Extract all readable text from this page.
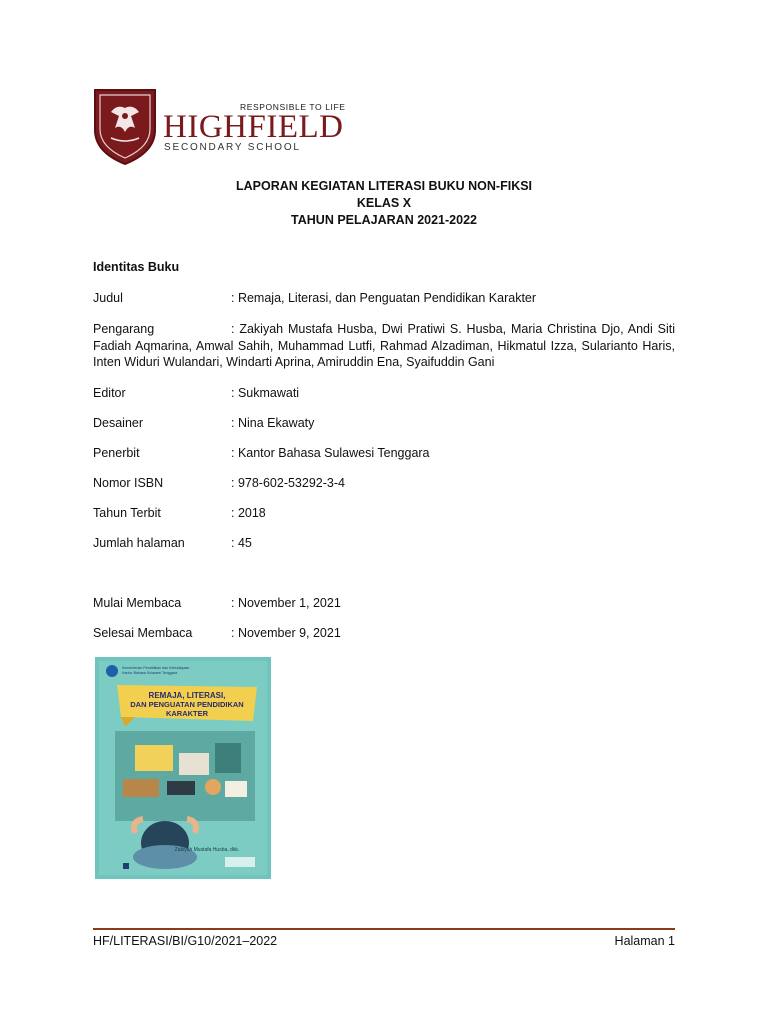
RESPONSIBLE TO LIFE
HIGHFIELD
SECONDARY SCHOOL
LAPORAN KEGIATAN LITERASI BUKU NON-FIKSI
KELAS X
TAHUN PELAJARAN 2021-2022
Identitas Buku
Judul	: Remaja, Literasi, dan Penguatan Pendidikan Karakter
Pengarang	: Zakiyah Mustafa Husba, Dwi Pratiwi S. Husba, Maria Christina Djo, Andi Siti Fadiah Aqmarina, Amwal Sahih, Muhammad Lutfi, Rahmad Alzadiman, Hikmatul Izza, Sularianto Haris, Inten Widuri Wulandari, Windarti Aprina, Amiruddin Ena, Syaifuddin Gani
Editor	: Sukmawati
Desainer	: Nina Ekawaty
Penerbit	: Kantor Bahasa Sulawesi Tenggara
Nomor ISBN	: 978-602-53292-3-4
Tahun Terbit	: 2018
Jumlah halaman	: 45
Mulai Membaca	: November 1, 2021
Selesai Membaca	: November 9, 2021
Kementerian Pendidikan dan Kebudayaan
Kantor Bahasa Sulawesi Tenggara
REMAJA, LITERASI,
DAN PENGUATAN PENDIDIKAN
KARAKTER
Zakiyah Mustafa Husba, dkk.
HF/LITERASI/BI/G10/2021–2022	Halaman 1
